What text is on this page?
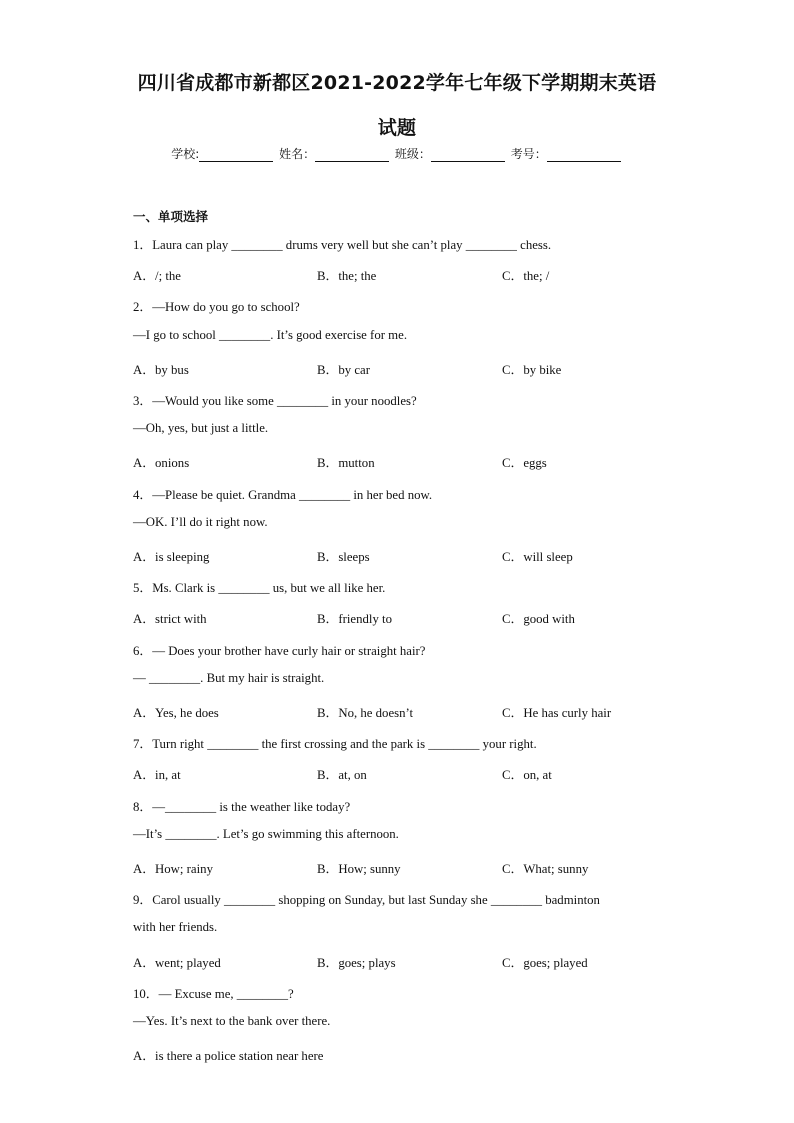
四川省成都市新都区2021-2022学年七年级下学期期末英语
试题
学校:	姓名：	班级：	考号：
一、单项选择
1．Laura can play ________ drums very well but she can’t play ________ chess.
A．/; the	B．the; the	C．the; /
2．—How do you go to school?
—I go to school ________. It’s good exercise for me.
A．by bus	B．by car	C．by bike
3．—Would you like some ________ in your noodles?
—Oh, yes, but just a little.
A．onions	B．mutton	C．eggs
4．—Please be quiet. Grandma ________ in her bed now.
—OK. I’ll do it right now.
A．is sleeping	B．sleeps	C．will sleep
5．Ms. Clark is ________ us, but we all like her.
A．strict with	B．friendly to	C．good with
6．— Does your brother have curly hair or straight hair?
— ________. But my hair is straight.
A．Yes, he does	B．No, he doesn’t	C．He has curly hair
7．Turn right ________ the first crossing and the park is ________ your right.
A．in, at	B．at, on	C．on, at
8．—________ is the weather like today?
—It’s ________. Let’s go swimming this afternoon.
A．How; rainy	B．How; sunny	C．What; sunny
9．Carol usually ________ shopping on Sunday, but last Sunday she ________ badminton
with her friends.
A．went; played	B．goes; plays	C．goes; played
10．— Excuse me, ________?
—Yes. It’s next to the bank over there.
A．is there a police station near here
